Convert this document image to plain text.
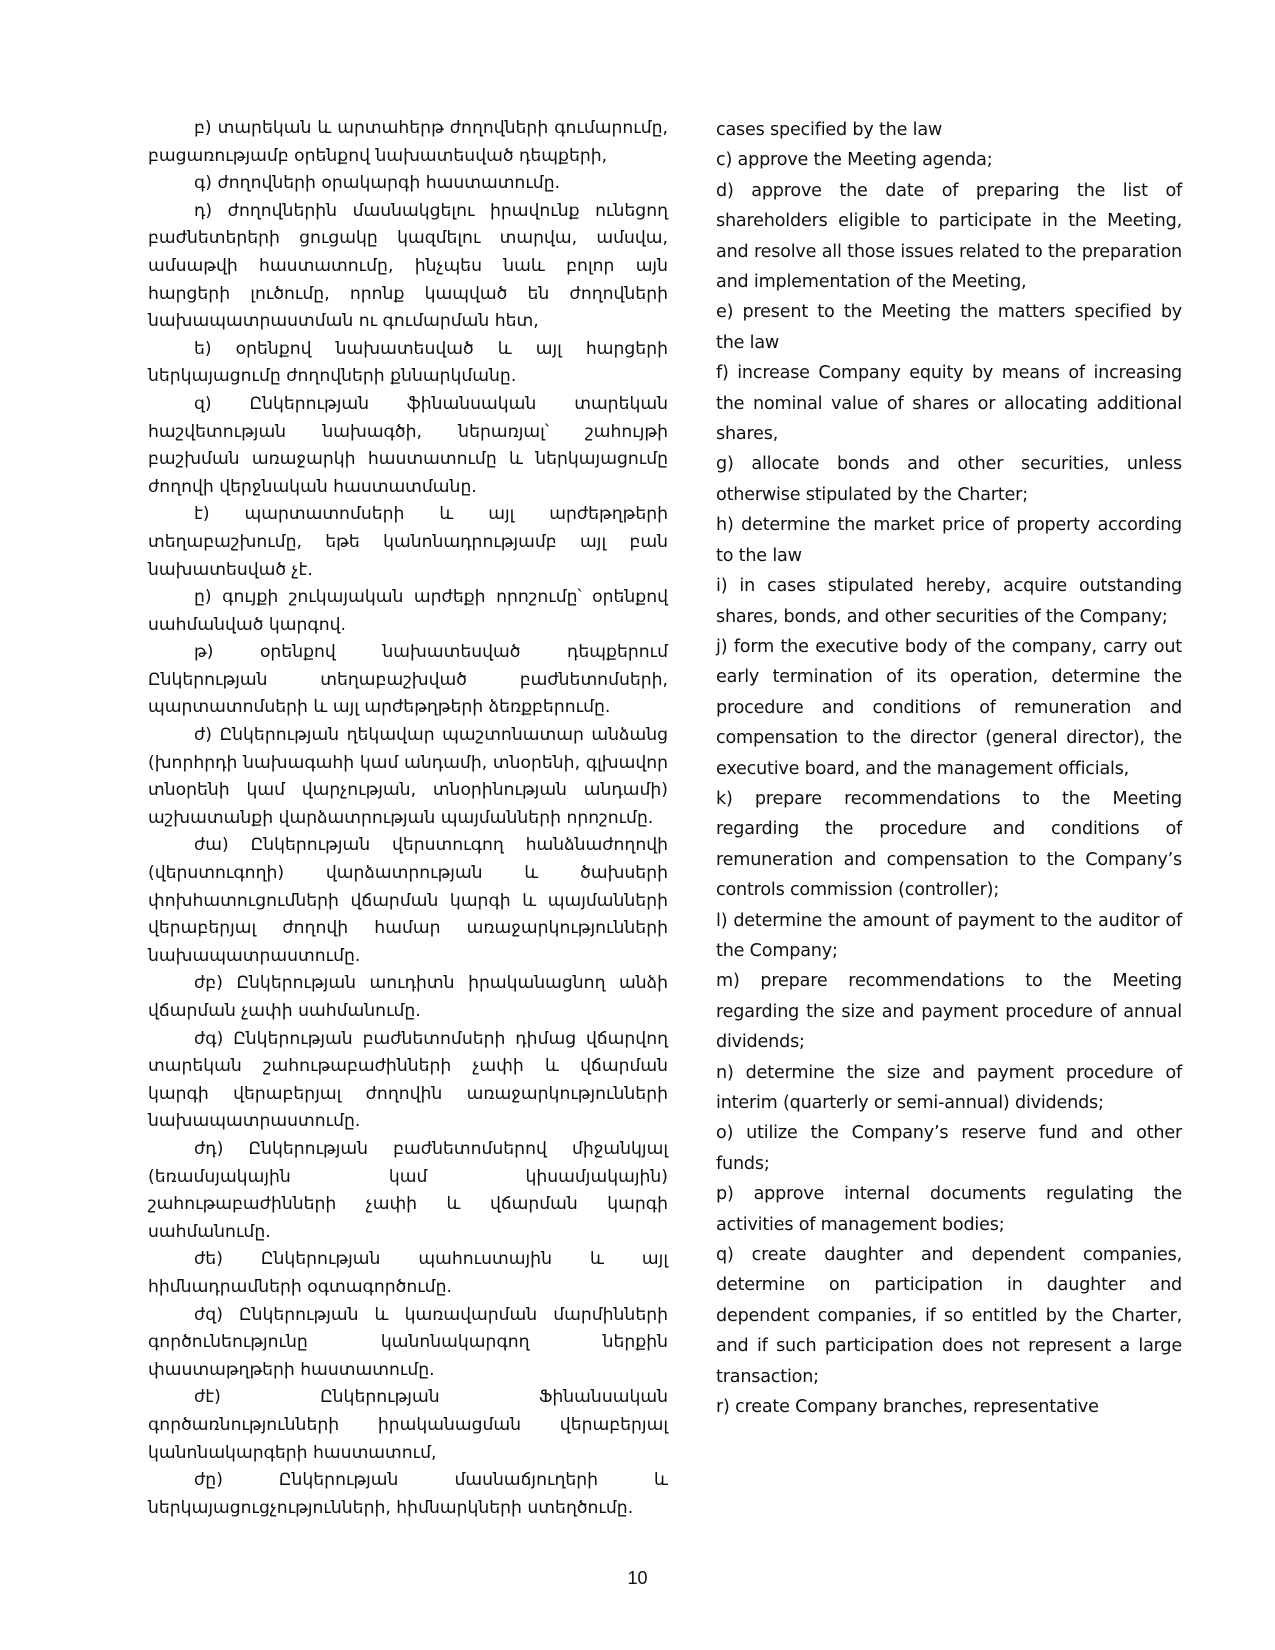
բ) տարեկան և արտահերթ ժողովների գումարումը, բացառությամբ օրենքով նախատեսված դեպքերի,

գ) ժողովների օրակարգի հաստատումը.

դ) ժողովներին մասնակցելու իրավունք ունեցող բաժնետերերի ցուցակը կազմելու տարվա, ամսվա, ամսաթվի հաստատումը, ինչպես նաև բոլոր այն հարցերի լուծումը, որոնք կապված են ժողովների նախապատրաստման ու գումարման հետ,

ե) օրենքով նախատեսված և այլ հարցերի ներկայացումը ժողովների քննարկմանը.

զ) Ընկերության ֆինանսական տարեկան հաշվետության նախագծի, ներառյալ՝ շահույթի բաշխման առաջարկի հաստատումը և ներկայացումը ժողովի վերջնական հաստատմանը.

է) պարտատոմսերի և այլ արժեթղթերի տեղաբաշխումը, եթե կանոնադրությամբ այլ բան նախատեսված չէ.

ը) գույքի շուկայական արժեքի որոշումը՝ օրենքով սահմանված կարգով.

թ) օրենքով նախատեսված դեպքերում Ընկերության տեղաբաշխված բաժնետոմսերի, պարտատոմսերի և այլ արժեթղթերի ձեռքբերումը.

ժ) Ընկերության ղեկավար պաշտոնատար անձանց (խորհրդի նախագահի կամ անդամի, տնօրենի, գլխավոր տնօրենի կամ վարչության, տնօրինության անդամի) աշխատանքի վարձատրության պայմանների որոշումը.

ժա) Ընկերության վերստուգող հանձնաժողովի (վերստուգողի) վարձատրության և ծախսերի փոխհատուցումների վճարման կարգի և պայմանների վերաբերյալ ժողովի համար առաջարկությունների նախապատրաստումը.

ժբ) Ընկերության աուդիտն իրականացնող անձի վճարման չափի սահմանումը.

ժգ) Ընկերության բաժնետոմսերի դիմաց վճարվող տարեկան շահութաբաժինների չափի և վճարման կարգի վերաբերյալ ժողովին առաջարկությունների նախապատրաստումը.

ժդ) Ընկերության բաժնետոմսերով միջանկյալ (եռամսյակային կամ կիսամյակային) շահութաբաժինների չափի և վճարման կարգի սահմանումը.

ժե) Ընկերության պահուստային և այլ հիմնադրամների օգտագործումը.

ժզ) Ընկերության և կառավարման մարմինների գործունեությունը կանոնակարգող ներքին փաստաթղթերի հաստատումը.

ժէ) Ընկերության Ֆինանսական գործառնությունների իրականացման վերաբերյալ կանոնակարգերի հաստատում,

ժը) Ընկերության մասնաճյուղերի և ներկայացուցչությունների, հիմնարկների ստեղծումը.

cases specified by the law

c) approve the Meeting agenda;

d) approve the date of preparing the list of shareholders eligible to participate in the Meeting, and resolve all those issues related to the preparation and implementation of the Meeting,

e) present to the Meeting the matters specified by the law

f) increase Company equity by means of increasing the nominal value of shares or allocating additional shares,

g) allocate bonds and other securities, unless otherwise stipulated by the Charter;

h) determine the market price of property according to the law

i) in cases stipulated hereby, acquire outstanding shares, bonds, and other securities of the Company;

j) form the executive body of the company, carry out early termination of its operation, determine the procedure and conditions of remuneration and compensation to the director (general director), the executive board, and the management officials,

k) prepare recommendations to the Meeting regarding the procedure and conditions of remuneration and compensation to the Company’s controls commission (controller);

l) determine the amount of payment to the auditor of the Company;

m) prepare recommendations to the Meeting regarding the size and payment procedure of annual dividends;

n) determine the size and payment procedure of interim (quarterly or semi-annual) dividends;

o) utilize the Company’s reserve fund and other funds;

p) approve internal documents regulating the activities of management bodies;

q) create daughter and dependent companies, determine on participation in daughter and dependent companies, if so entitled by the Charter, and if such participation does not represent a large transaction;

r) create Company branches, representative

10
